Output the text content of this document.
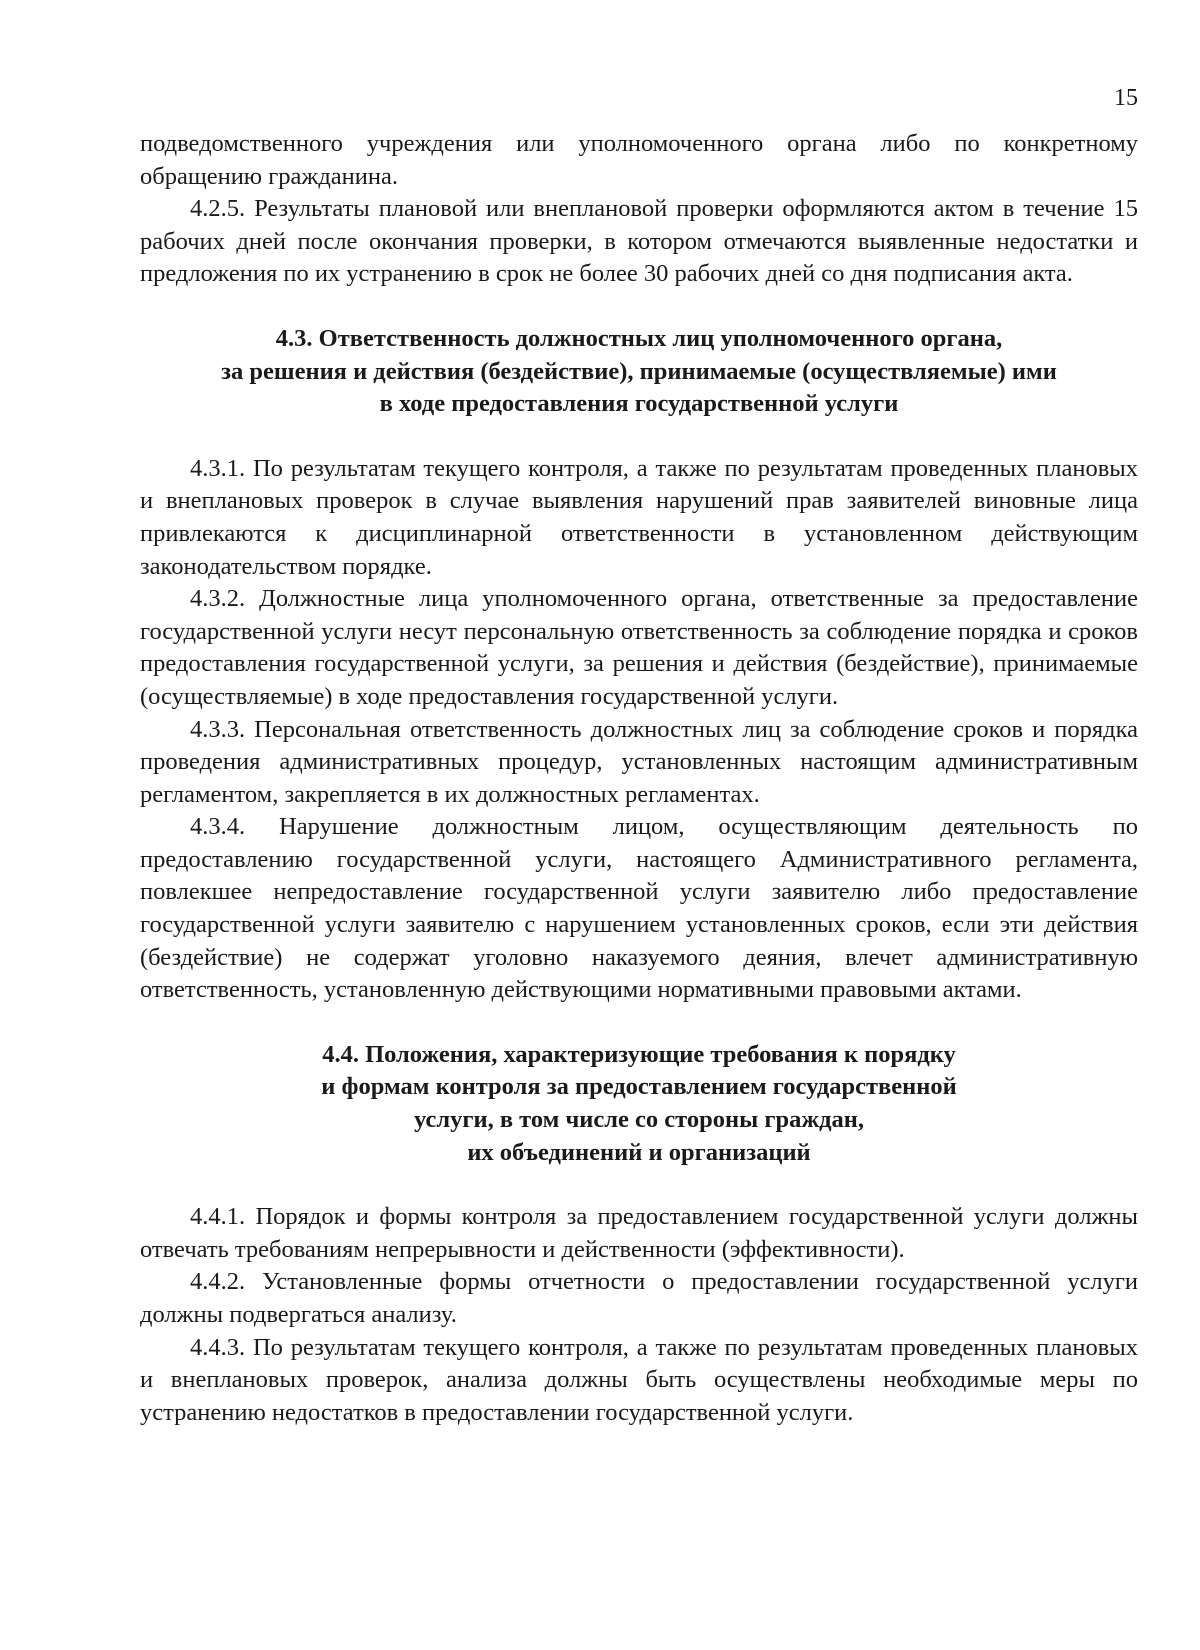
15

подведомственного учреждения или уполномоченного органа либо по конкретному обращению гражданина.

4.2.5. Результаты плановой или внеплановой проверки оформляются актом в течение 15 рабочих дней после окончания проверки, в котором отмечаются выявленные недостатки и предложения по их устранению в срок не более 30 рабочих дней со дня подписания акта.

4.3. Ответственность должностных лиц уполномоченного органа,
за решения и действия (бездействие), принимаемые (осуществляемые) ими
в ходе предоставления государственной услуги

4.3.1. По результатам текущего контроля, а также по результатам проведенных плановых и внеплановых проверок в случае выявления нарушений прав заявителей виновные лица привлекаются к дисциплинарной ответственности в установленном действующим законодательством порядке.

4.3.2. Должностные лица уполномоченного органа, ответственные за предоставление государственной услуги несут персональную ответственность за соблюдение порядка и сроков предоставления государственной услуги, за решения и действия (бездействие), принимаемые (осуществляемые) в ходе предоставления государственной услуги.

4.3.3. Персональная ответственность должностных лиц за соблюдение сроков и порядка проведения административных процедур, установленных настоящим административным регламентом, закрепляется в их должностных регламентах.

4.3.4. Нарушение должностным лицом, осуществляющим деятельность по предоставлению государственной услуги, настоящего Административного регламента, повлекшее непредоставление государственной услуги заявителю либо предоставление государственной услуги заявителю с нарушением установленных сроков, если эти действия (бездействие) не содержат уголовно наказуемого деяния, влечет административную ответственность, установленную действующими нормативными правовыми актами.

4.4. Положения, характеризующие требования к порядку
и формам контроля за предоставлением государственной
услуги, в том числе со стороны граждан,
их объединений и организаций

4.4.1. Порядок и формы контроля за предоставлением государственной услуги должны отвечать требованиям непрерывности и действенности (эффективности).

4.4.2. Установленные формы отчетности о предоставлении государственной услуги должны подвергаться анализу.

4.4.3. По результатам текущего контроля, а также по результатам проведенных плановых и внеплановых проверок, анализа должны быть осуществлены необходимые меры по устранению недостатков в предоставлении государственной услуги.
